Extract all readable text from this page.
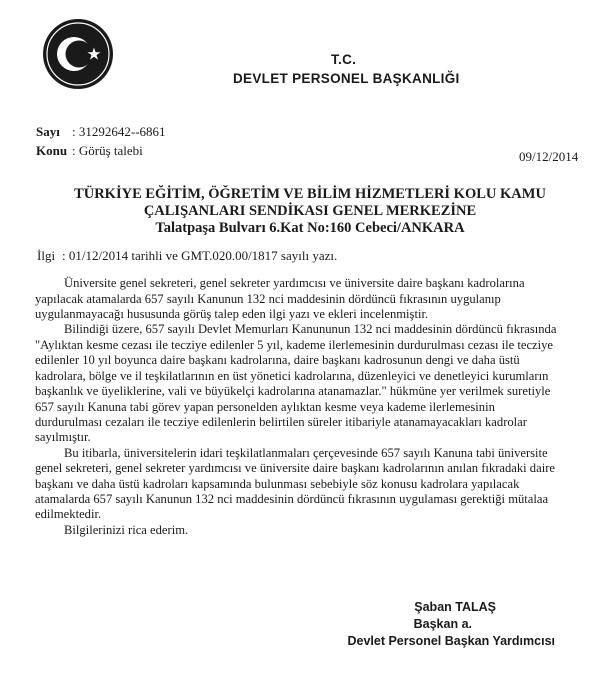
T.C.
DEVLET PERSONEL BAŞKANLIĞI
Sayı : 31292642--6861
Konu : Görüş talebi	09/12/2014
TÜRKİYE EĞİTİM, ÖĞRETİM VE BİLİM HİZMETLERİ KOLU KAMU
ÇALIŞANLARI SENDİKASI GENEL MERKEZİNE
Talatpaşa Bulvarı 6.Kat No:160 Cebeci/ANKARA
İlgi : 01/12/2014 tarihli ve GMT.020.00/1817 sayılı yazı.
Üniversite genel sekreteri, genel sekreter yardımcısı ve üniversite daire başkanı kadrolarına
yapılacak atamalarda 657 sayılı Kanunun 132 nci maddesinin dördüncü fıkrasının uygulanıp
uygulanmayacağı hususunda görüş talep eden ilgi yazı ve ekleri incelenmiştir.
Bilindiği üzere, 657 sayılı Devlet Memurları Kanununun 132 nci maddesinin dördüncü fıkrasında
"Aylıktan kesme cezası ile tecziye edilenler 5 yıl, kademe ilerlemesinin durdurulması cezası ile tecziye
edilenler 10 yıl boyunca daire başkanı kadrolarına, daire başkanı kadrosunun dengi ve daha üstü
kadrolara, bölge ve il teşkilatlarının en üst yönetici kadrolarına, düzenleyici ve denetleyici kurumların
başkanlık ve üyeliklerine, vali ve büyükelçi kadrolarına atanamazlar." hükmüne yer verilmek suretiyle
657 sayılı Kanuna tabi görev yapan personelden aylıktan kesme veya kademe ilerlemesinin
durdurulması cezaları ile tecziye edilenlerin belirtilen süreler itibariyle atanamayacakları kadrolar
sayılmıştır.
Bu itibarla, üniversitelerin idari teşkilatlanmaları çerçevesinde 657 sayılı Kanuna tabi üniversite
genel sekreteri, genel sekreter yardımcısı ve üniversite daire başkanı kadrolarının anılan fıkradaki daire
başkanı ve daha üstü kadroları kapsamında bulunması sebebiyle söz konusu kadrolara yapılacak
atamalarda 657 sayılı Kanunun 132 nci maddesinin dördüncü fıkrasının uygulaması gerektiği mütalaa
edilmektedir.
Bilgilerinizi rica ederim.
Şaban TALAŞ
Başkan a.
Devlet Personel Başkan Yardımcısı
